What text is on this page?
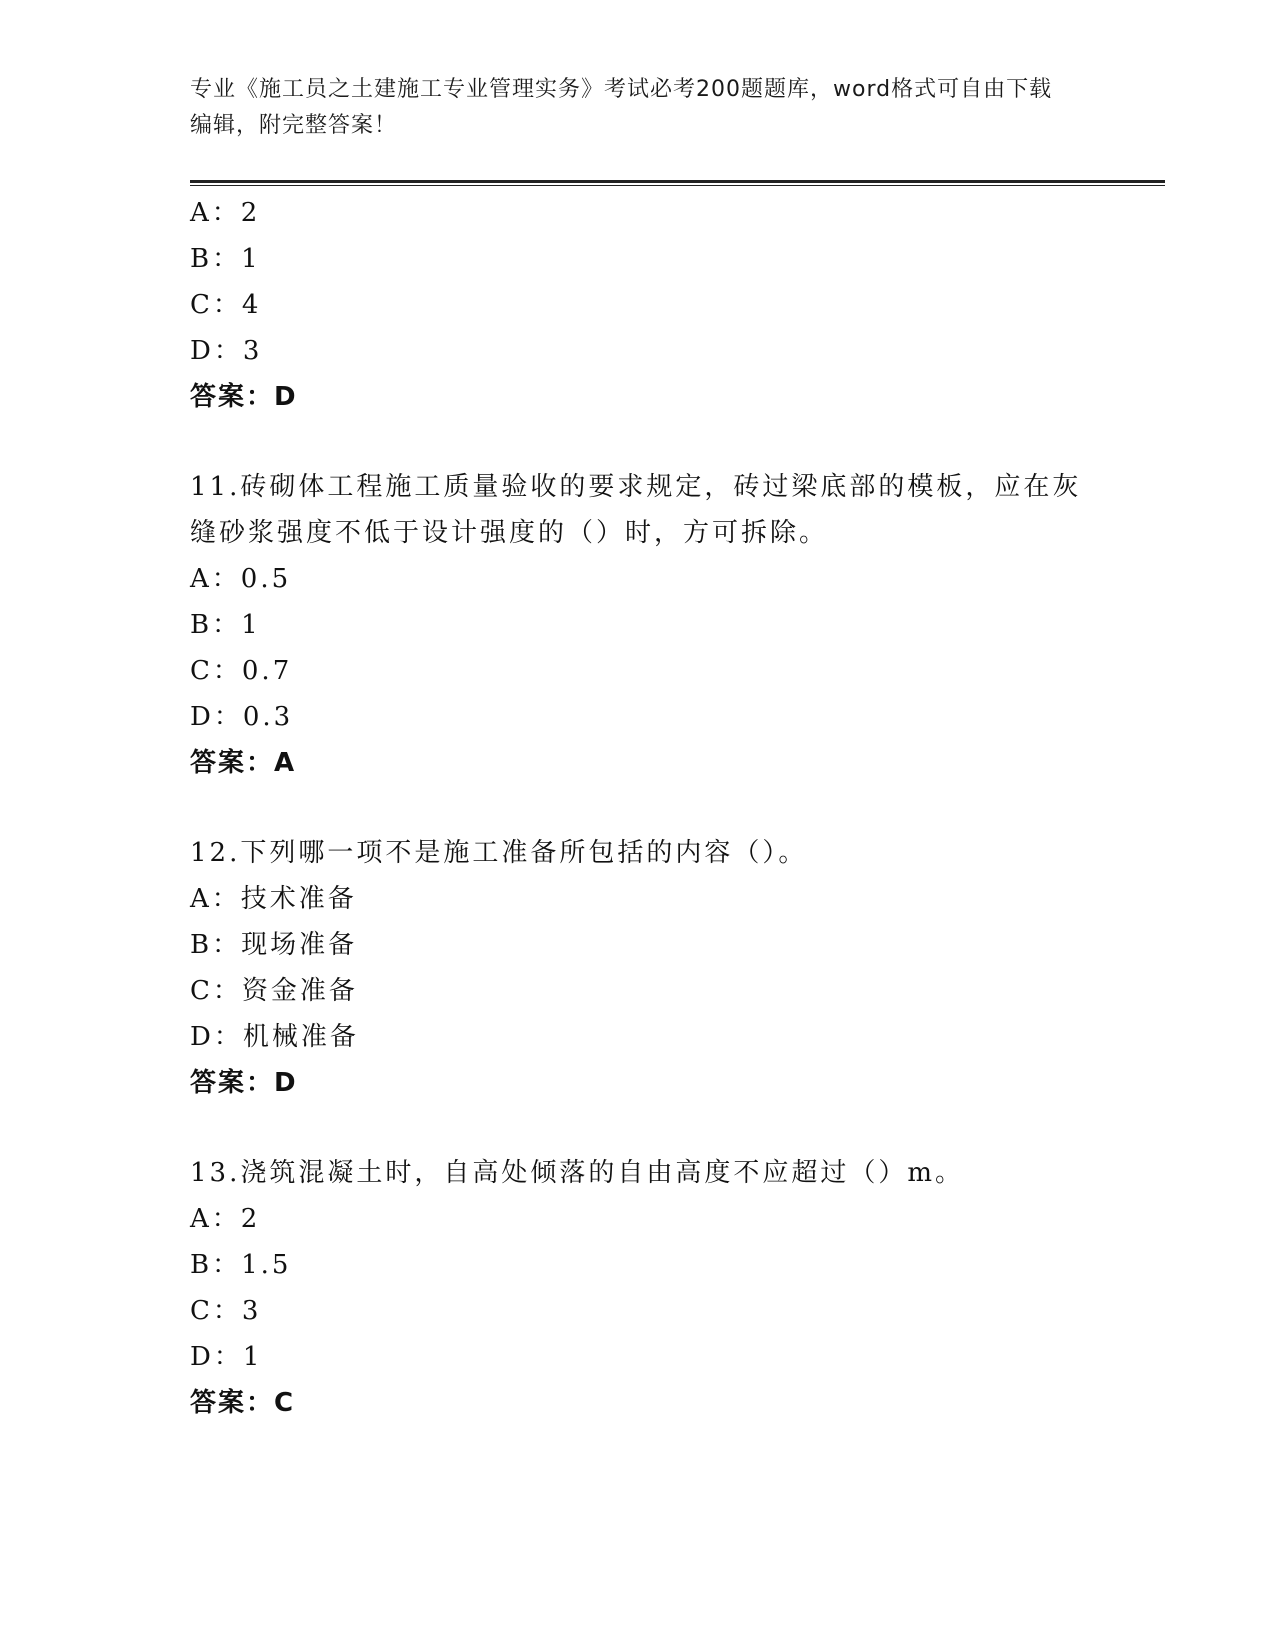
专业《施工员之土建施工专业管理实务》考试必考200题题库，word格式可自由下载编辑，附完整答案！
A：2
B：1
C：4
D：3
答案：D
11.砖砌体工程施工质量验收的要求规定，砖过梁底部的模板，应在灰
缝砂浆强度不低于设计强度的（）时，方可拆除。
A：0.5
B：1
C：0.7
D：0.3
答案：A
12.下列哪一项不是施工准备所包括的内容（）。
A：技术准备
B：现场准备
C：资金准备
D：机械准备
答案：D
13.浇筑混凝土时，自高处倾落的自由高度不应超过（）m。
A：2
B：1.5
C：3
D：1
答案：C
